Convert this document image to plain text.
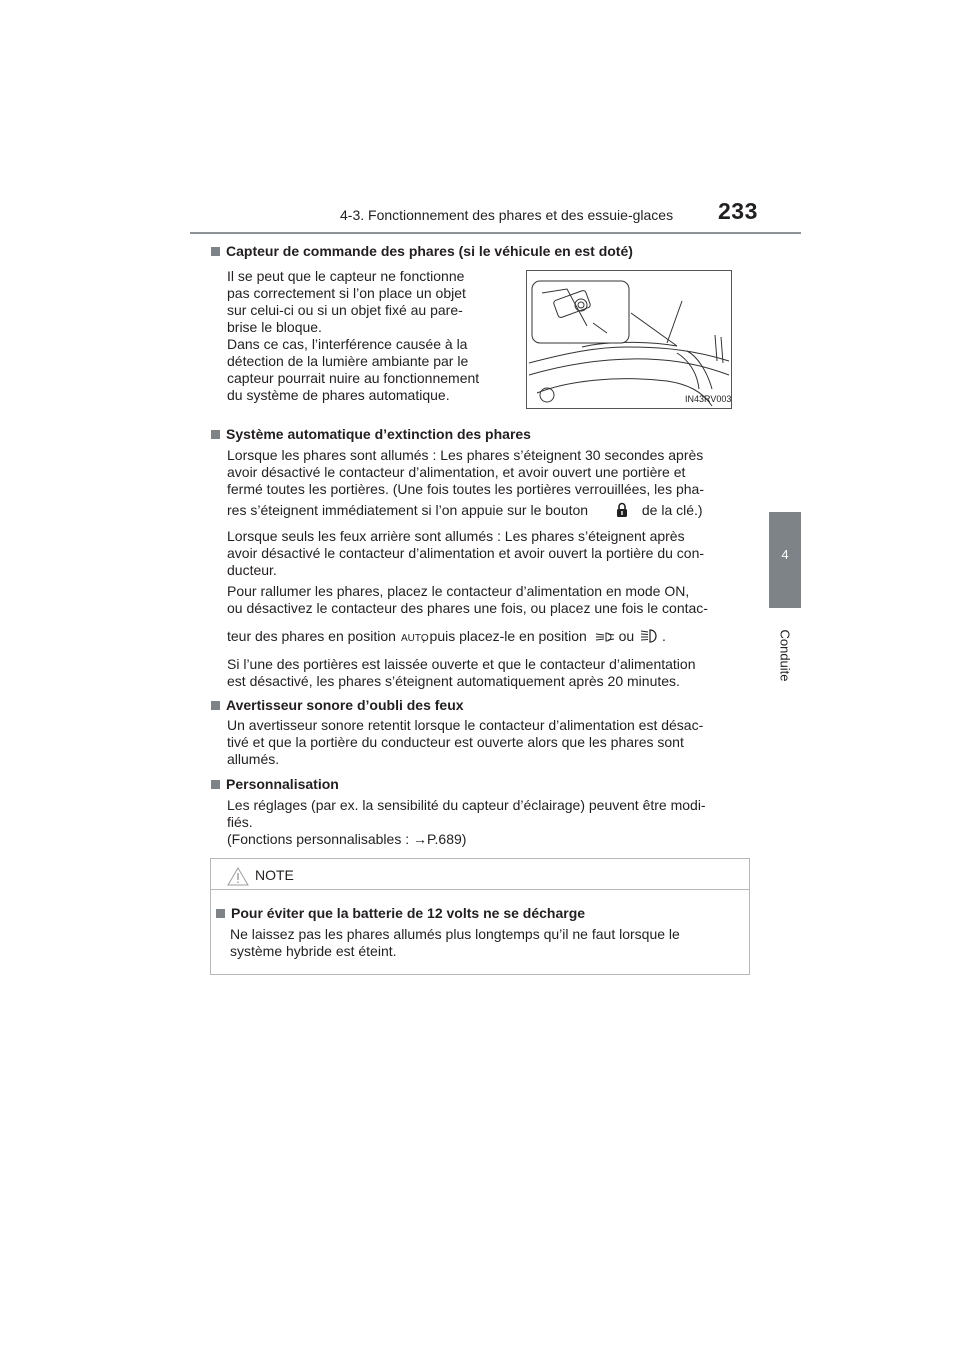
4-3. Fonctionnement des phares et des essuie-glaces 233
4
Conduite
Capteur de commande des phares (si le véhicule en est doté)
Il se peut que le capteur ne fonctionne
pas correctement si l’on place un objet
sur celui-ci ou si un objet fixé au pare-
brise le bloque.
Dans ce cas, l’interférence causée à la
détection de la lumière ambiante par le
capteur pourrait nuire au fonctionnement
du système de phares automatique.	IN43RV003
Système automatique d’extinction des phares
Lorsque les phares sont allumés : Les phares s’éteignent 30 secondes après
avoir désactivé le contacteur d’alimentation, et avoir ouvert une portière et
fermé toutes les portières. (Une fois toutes les portières verrouillées, les pha-
res s’éteignent immédiatement si l’on appuie sur le bouton	de la clé.)
Lorsque seuls les feux arrière sont allumés : Les phares s’éteignent après
avoir désactivé le contacteur d’alimentation et avoir ouvert la portière du con-
ducteur.
Pour rallumer les phares, placez le contacteur d’alimentation en mode ON,
ou désactivez le contacteur des phares une fois, ou placez une fois le contac-
teur des phares en position AUTO
, puis placez-le en position ou .
Si l’une des portières est laissée ouverte et que le contacteur d’alimentation
est désactivé, les phares s’éteignent automatiquement après 20 minutes.
Avertisseur sonore d’oubli des feux
Un avertisseur sonore retentit lorsque le contacteur d’alimentation est désac-
tivé et que la portière du conducteur est ouverte alors que les phares sont
allumés.
Personnalisation
Les réglages (par ex. la sensibilité du capteur d’éclairage) peuvent être modi-
fiés.
(Fonctions personnalisables : →P.689)
NOTE
Pour éviter que la batterie de 12 volts ne se décharge
Ne laissez pas les phares allumés plus longtemps qu’il ne faut lorsque le
système hybride est éteint.
